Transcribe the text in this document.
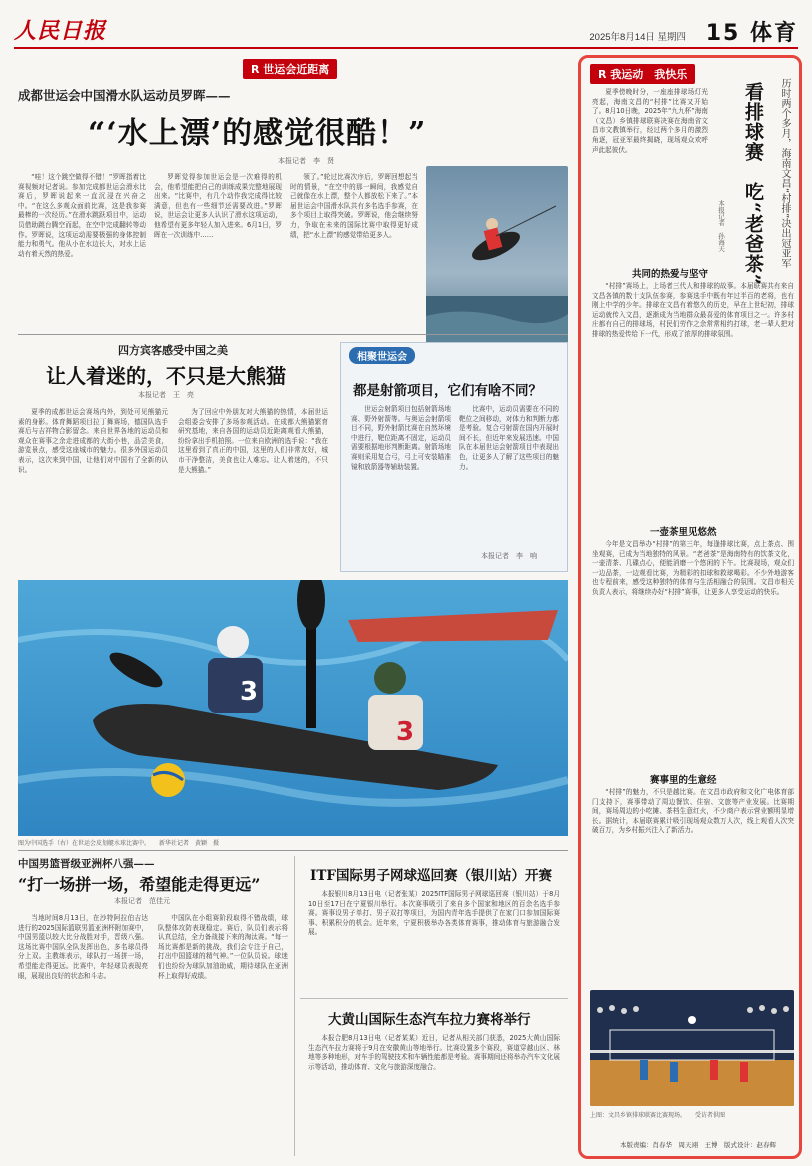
人民日报	2025年8月14日 星期四 15 体育
R 世运会近距离
成都世运会中国滑水队运动员罗晖——
“‘水上漂’的感觉很酷！”
本报记者　李　贤
“哇！这个跳空做得不错！”罗晖指着比赛视频对记者说。参加完成都世运会滑水比赛后，罗晖说起来一直沉浸在兴奋之中。“在这么多观众面前比赛，这是我参赛最棒的一次经历。”在滑水跳跃项目中，运动员借助跳台腾空而起，在空中完成翻转等动作。罗晖说，这项运动需要极强的身体控制能力和勇气。他从小在水边长大，对水上运动有着天然的热爱。
罗晖觉得参加世运会是一次难得的机会，他希望能把自己的训练成果完整地展现出来。“比赛中，有几个动作我完成得比较满意，但也有一些细节还需要改进。”罗晖说，世运会让更多人认识了滑水这项运动，他希望有更多年轻人加入进来。6月1日，罗晖在一次训练中……
领了。”轮过比赛次序后，罗晖回想起当时的情景，“在空中的那一瞬间，我感觉自己就像在水上漂，整个人都放松下来了。”本届世运会中国滑水队共有多名选手参赛，在多个项目上取得突破。罗晖说，他会继续努力，争取在未来的国际比赛中取得更好成绩，把“水上漂”的感觉带给更多人。
四方宾客感受中国之美
让人着迷的，不只是大熊猫
本报记者　王　亮
夏季的成都世运会赛场内外，到处可见熊猫元素的身影。体育舞蹈项目拉丁舞赛场，德国队选手赛后与吉祥物合影留念。来自世界各地的运动员和观众在赛事之余走进成都的大街小巷，品尝美食，游览景点，感受这座城市的魅力。很多外国运动员表示，这次来到中国，让他们对中国有了全新的认识。
为了回应中外朋友对大熊猫的热情，本届世运会组委会安排了多场参观活动。在成都大熊猫繁育研究基地，来自各国的运动员近距离观看大熊猫，纷纷拿出手机拍照。一位来自欧洲的选手说：“我在这里看到了真正的中国，这里的人们非常友好，城市干净整洁，美食也让人难忘。让人着迷的，不只是大熊猫。”
相聚世运会
都是射箭项目，它们有啥不同？
世运会射箭项目包括射箭场地赛、野外射箭等。与奥运会射箭项目不同，野外射箭比赛在自然环境中进行，靶位距离不固定，运动员需要根据地形判断距离。射箭场地赛则采用复合弓，弓上可安装瞄准镜和放箭器等辅助装置。
比赛中，运动员需要在不同的靶位之间移动，对体力和判断力都是考验。复合弓射箭在国内开展时间不长，但近年来发展迅速。中国队在本届世运会射箭项目中表现出色，让更多人了解了这些项目的魅力。
本报记者　李　响
3
3
图为中国选手（右）在世运会皮划艇水球比赛中。　　新华社记者　黄颖　摄
中国男篮晋级亚洲杯八强——
“打一场拼一场，希望能走得更远”
本报记者　范佳元
当地时间8月13日，在沙特阿拉伯吉达进行的2025国际篮联男篮亚洲杯附加赛中，中国男篮以较大比分战胜对手，晋级八强。这场比赛中国队全队发挥出色，多名球员得分上双。主教练表示，球队打一场拼一场，希望能走得更远。比赛中，年轻球员表现亮眼，展现出良好的状态和斗志。
中国队在小组赛阶段取得不错战绩，球队整体攻防表现稳定。赛后，队员们表示将认真总结，全力备战接下来的淘汰赛。“每一场比赛都是新的挑战，我们会专注于自己，打出中国篮球的精气神。”一位队员说。球迷们也纷纷为球队加油助威，期待球队在亚洲杯上取得好成绩。
ITF国际男子网球巡回赛（银川站）开赛
本报银川8月13日电（记者张某）2025ITF国际男子网球巡回赛（银川站）于8月10日至17日在宁夏银川举行。本次赛事吸引了来自多个国家和地区的百余名选手参赛。赛事设男子单打、男子双打等项目，为国内青年选手提供了在家门口参加国际赛事、积累积分的机会。近年来，宁夏积极举办各类体育赛事，推动体育与旅游融合发展。
大黄山国际生态汽车拉力赛将举行
本报合肥8月13日电（记者某某）近日，记者从相关部门获悉，2025大黄山国际生态汽车拉力赛将于9月在安徽黄山等地举行。比赛设置多个赛段，赛道穿越山区、林地等多种地形，对车手的驾驶技术和车辆性能都是考验。赛事期间还将举办汽车文化展示等活动，推动体育、文化与旅游深度融合。
R 我运动　我快乐
历时两个多月，海南文昌“村排”决出冠亚军
看排球赛　吃“老爸茶”
本报记者　孙海天
夏季傍晚时分，一座座排球场灯光亮起，海南文昌的“村排”比赛又开始了。8月10日晚，2025年“九九杯”海南（文昌）乡镇排球联赛决赛在海南省文昌市文教镇举行，经过两个多月的激烈角逐，冠亚军最终揭晓，现场观众欢呼声此起彼伏。
共同的热爱与坚守
“村排”赛场上，上场者三代人和排球的故事。本届联赛共有来自文昌各镇的数十支队伍参赛，参赛选手中既有年过半百的老将，也有刚上中学的少年。排球在文昌有着悠久的历史，早在上世纪初，排球运动就传入文昌，逐渐成为当地群众最喜爱的体育项目之一。许多村庄都有自己的排球场，村民们劳作之余常常相约打球，老一辈人把对排球的热爱传给下一代，形成了浓厚的排球氛围。
一壶茶里见悠然
今年是文昌举办“村排”的第三年，每逢排球比赛，点上茶点、围坐观赛，已成为当地独特的风景。“老爸茶”是海南特有的饮茶文化，一壶清茶、几碟点心，便能消磨一个悠闲的下午。比赛现场，观众们一边品茶，一边观看比赛，为精彩的扣球和救球喝彩。不少外地游客也专程前来，感受这种独特的体育与生活相融合的氛围。文昌市相关负责人表示，将继续办好“村排”赛事，让更多人享受运动的快乐。
赛事里的生意经
“村排”的魅力，不只是越比赛。在文昌市政府和文化广电体育部门支持下，赛事带动了周边餐饮、住宿、文旅等产业发展。比赛期间，赛场周边的小吃摊、茶档生意红火，不少商户表示营业额明显增长。据统计，本届联赛累计吸引现场观众数万人次，线上观看人次突破百万，为乡村振兴注入了新活力。
上图：文昌乡镇排球联赛比赛现场。　　受访者供图
本版责编：肖春华　周天翊　王博　版式设计：赵春辉
